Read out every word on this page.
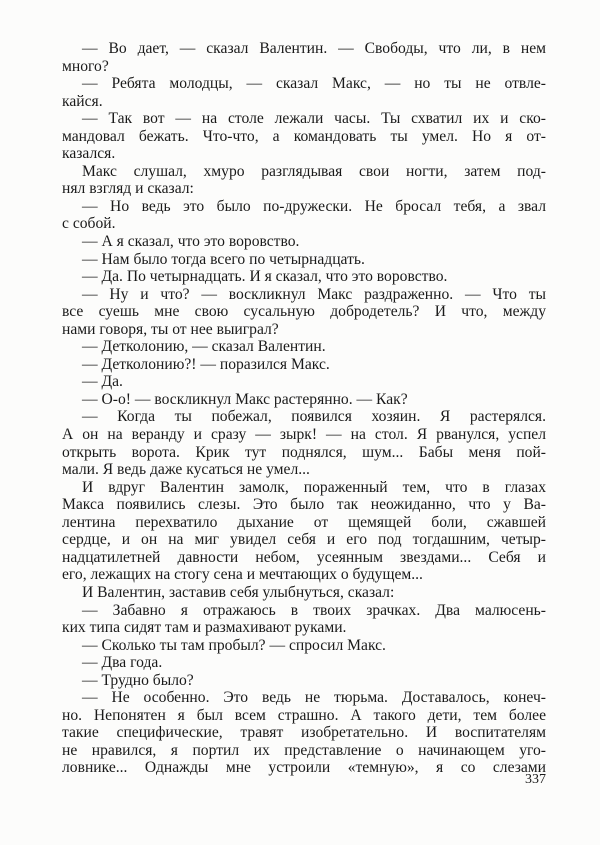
— Во дает, — сказал Валентин. — Свободы, что ли, в нем
много?
— Ребята молодцы, — сказал Макс, — но ты не отвле-
кайся.
— Так вот — на столе лежали часы. Ты схватил их и ско-
мандовал бежать. Что-что, а командовать ты умел. Но я от-
казался.
Макс слушал, хмуро разглядывая свои ногти, затем под-
нял взгляд и сказал:
— Но ведь это было по-дружески. Не бросал тебя, а звал
с собой.
— А я сказал, что это воровство.
— Нам было тогда всего по четырнадцать.
— Да. По четырнадцать. И я сказал, что это воровство.
— Ну и что? — воскликнул Макс раздраженно. — Что ты
все суешь мне свою сусальную добродетель? И что, между
нами говоря, ты от нее выиграл?
— Детколонию, — сказал Валентин.
— Детколонию?! — поразился Макс.
— Да.
— О-о! — воскликнул Макс растерянно. — Как?
— Когда ты побежал, появился хозяин. Я растерялся.
А он на веранду и сразу — зырк! — на стол. Я рванулся, успел
открыть ворота. Крик тут поднялся, шум... Бабы меня пой-
мали. Я ведь даже кусаться не умел...
И вдруг Валентин замолк, пораженный тем, что в глазах
Макса появились слезы. Это было так неожиданно, что у Ва-
лентина перехватило дыхание от щемящей боли, сжавшей
сердце, и он на миг увидел себя и его под тогдашним, четыр-
надцатилетней давности небом, усеянным звездами... Себя и
его, лежащих на стогу сена и мечтающих о будущем...
И Валентин, заставив себя улыбнуться, сказал:
— Забавно я отражаюсь в твоих зрачках. Два малюсень-
ких типа сидят там и размахивают руками.
— Сколько ты там пробыл? — спросил Макс.
— Два года.
— Трудно было?
— Не особенно. Это ведь не тюрьма. Доставалось, конеч-
но. Непонятен я был всем страшно. А такого дети, тем более
такие специфические, травят изобретательно. И воспитателям
не нравился, я портил их представление о начинающем уго-
ловнике... Однажды мне устроили «темную», я со слезами
337
